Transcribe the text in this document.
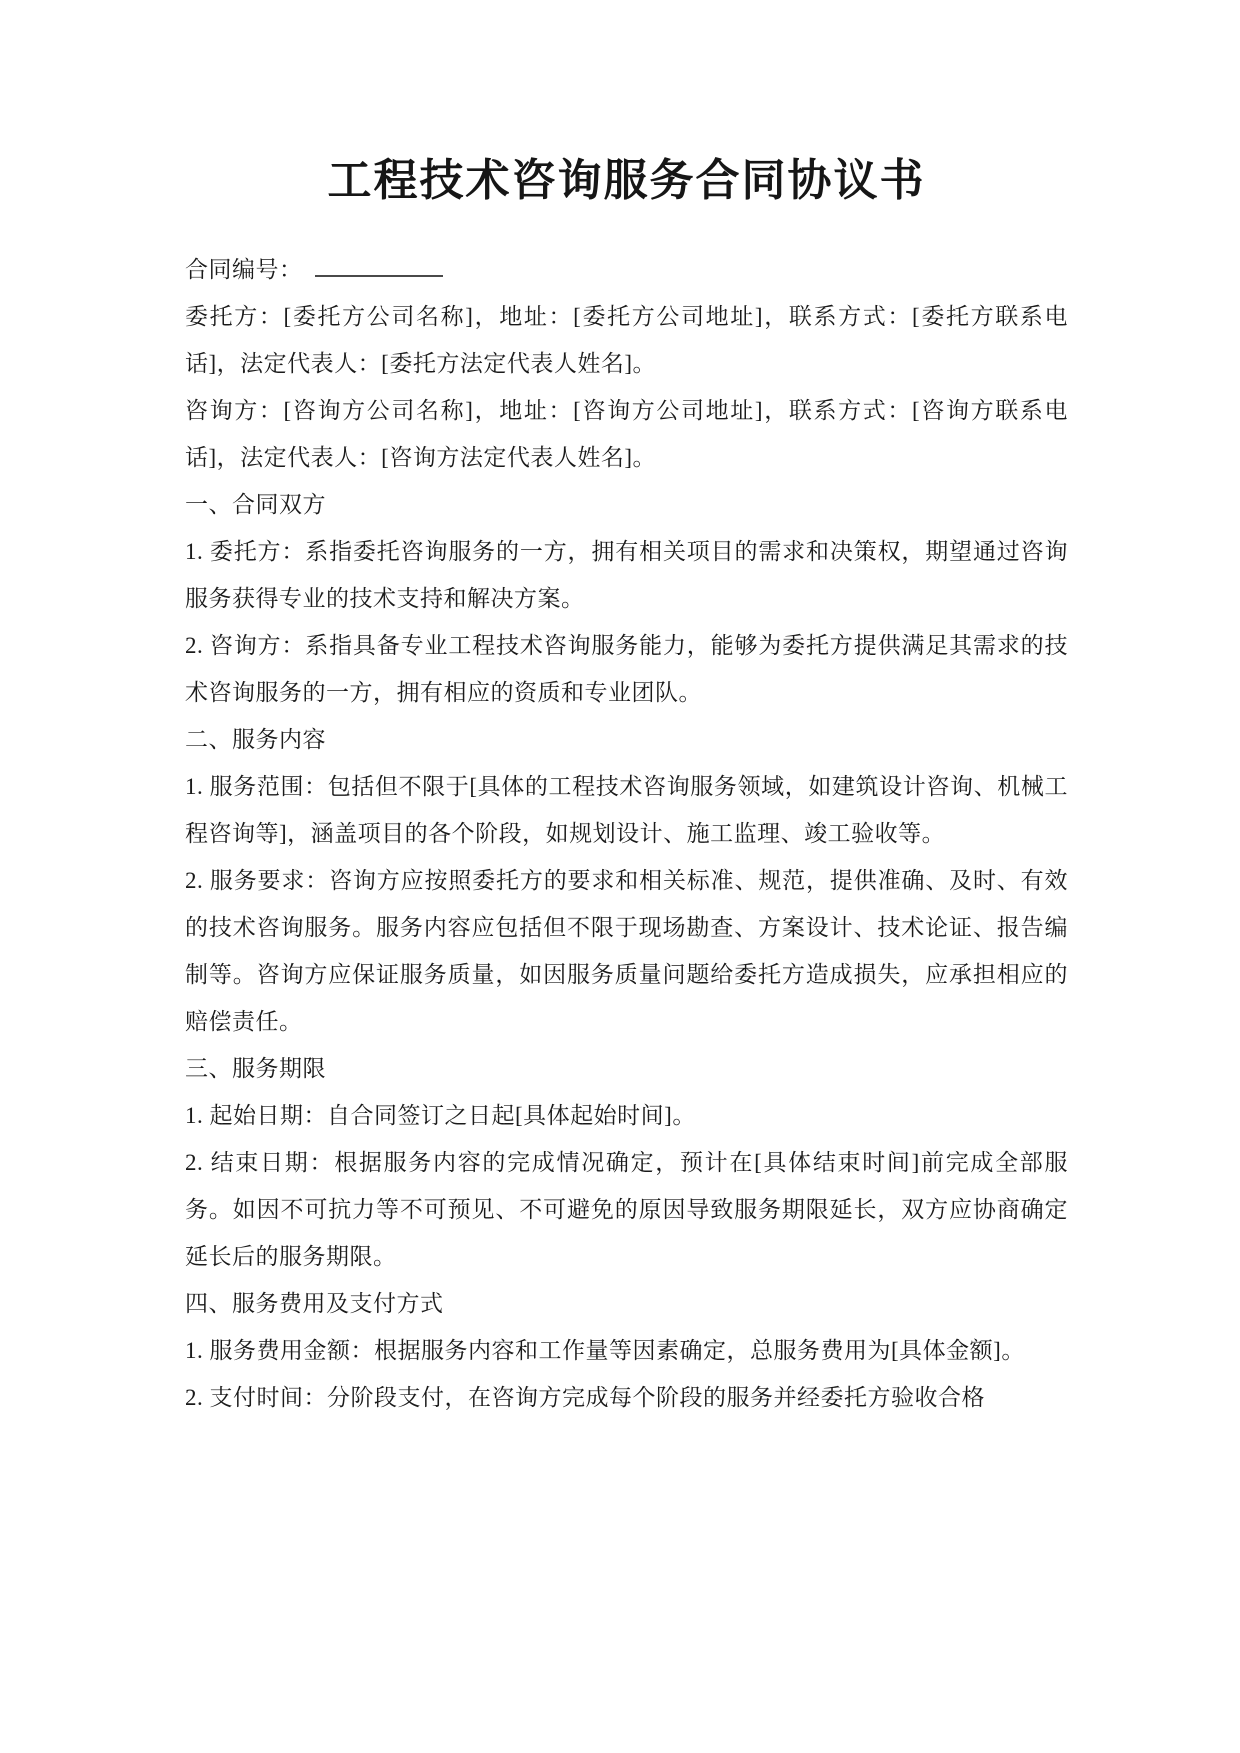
工程技术咨询服务合同协议书

合同编号：

委托方：[委托方公司名称]，地址：[委托方公司地址]，联系方式：[委托方联系电话]，法定代表人：[委托方法定代表人姓名]。

咨询方：[咨询方公司名称]，地址：[咨询方公司地址]，联系方式：[咨询方联系电话]，法定代表人：[咨询方法定代表人姓名]。

一、合同双方

1. 委托方：系指委托咨询服务的一方，拥有相关项目的需求和决策权，期望通过咨询服务获得专业的技术支持和解决方案。

2. 咨询方：系指具备专业工程技术咨询服务能力，能够为委托方提供满足其需求的技术咨询服务的一方，拥有相应的资质和专业团队。

二、服务内容

1. 服务范围：包括但不限于[具体的工程技术咨询服务领域，如建筑设计咨询、机械工程咨询等]，涵盖项目的各个阶段，如规划设计、施工监理、竣工验收等。

2. 服务要求：咨询方应按照委托方的要求和相关标准、规范，提供准确、及时、有效的技术咨询服务。服务内容应包括但不限于现场勘查、方案设计、技术论证、报告编制等。咨询方应保证服务质量，如因服务质量问题给委托方造成损失，应承担相应的赔偿责任。

三、服务期限

1. 起始日期：自合同签订之日起[具体起始时间]。

2. 结束日期：根据服务内容的完成情况确定，预计在[具体结束时间]前完成全部服务。如因不可抗力等不可预见、不可避免的原因导致服务期限延长，双方应协商确定延长后的服务期限。

四、服务费用及支付方式

1. 服务费用金额：根据服务内容和工作量等因素确定，总服务费用为[具体金额]。

2. 支付时间：分阶段支付，在咨询方完成每个阶段的服务并经委托方验收合格
